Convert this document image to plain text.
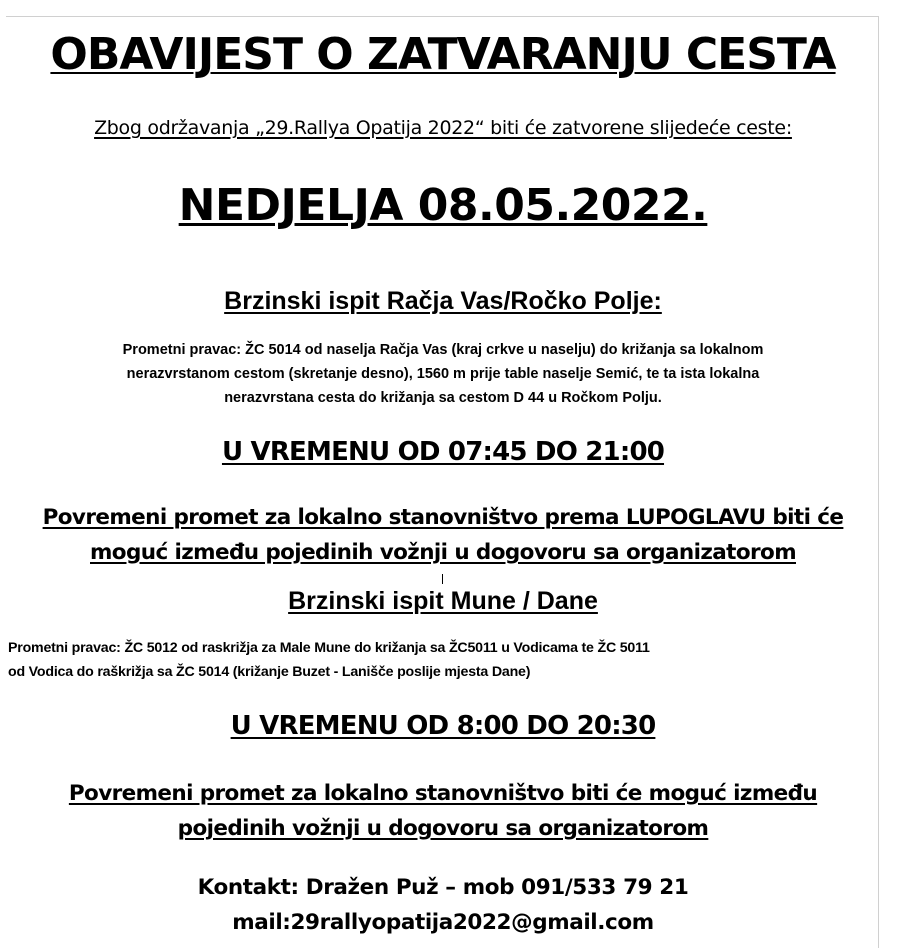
OBAVIJEST O ZATVARANJU CESTA
Zbog održavanja „29.Rallya Opatija 2022“ biti će zatvorene slijedeće ceste:
NEDJELJA 08.05.2022.
Brzinski ispit Račja Vas/Ročko Polje:
Prometni pravac: ŽC 5014 od naselja Račja Vas (kraj crkve u naselju) do križanja sa lokalnom
nerazvrstanom cestom (skretanje desno), 1560 m prije table naselje Semić, te ta ista lokalna
nerazvrstana cesta do križanja sa cestom D 44 u Ročkom Polju.
U VREMENU OD 07:45 DO 21:00
Povremeni promet za lokalno stanovništvo prema LUPOGLAVU biti će
moguć između pojedinih vožnji u dogovoru sa organizatorom
Brzinski ispit Mune / Dane
Prometni pravac: ŽC 5012 od raskrižja za Male Mune do križanja sa ŽC5011 u Vodicama te ŽC 5011
od Vodica do raškrižja sa ŽC 5014 (križanje Buzet - Lanišče poslije mjesta Dane)
U VREMENU OD 8:00 DO 20:30
Povremeni promet za lokalno stanovništvo biti će moguć između
pojedinih vožnji u dogovoru sa organizatorom
Kontakt: Dražen Puž – mob 091/533 79 21
mail:29rallyopatija2022@gmail.com
